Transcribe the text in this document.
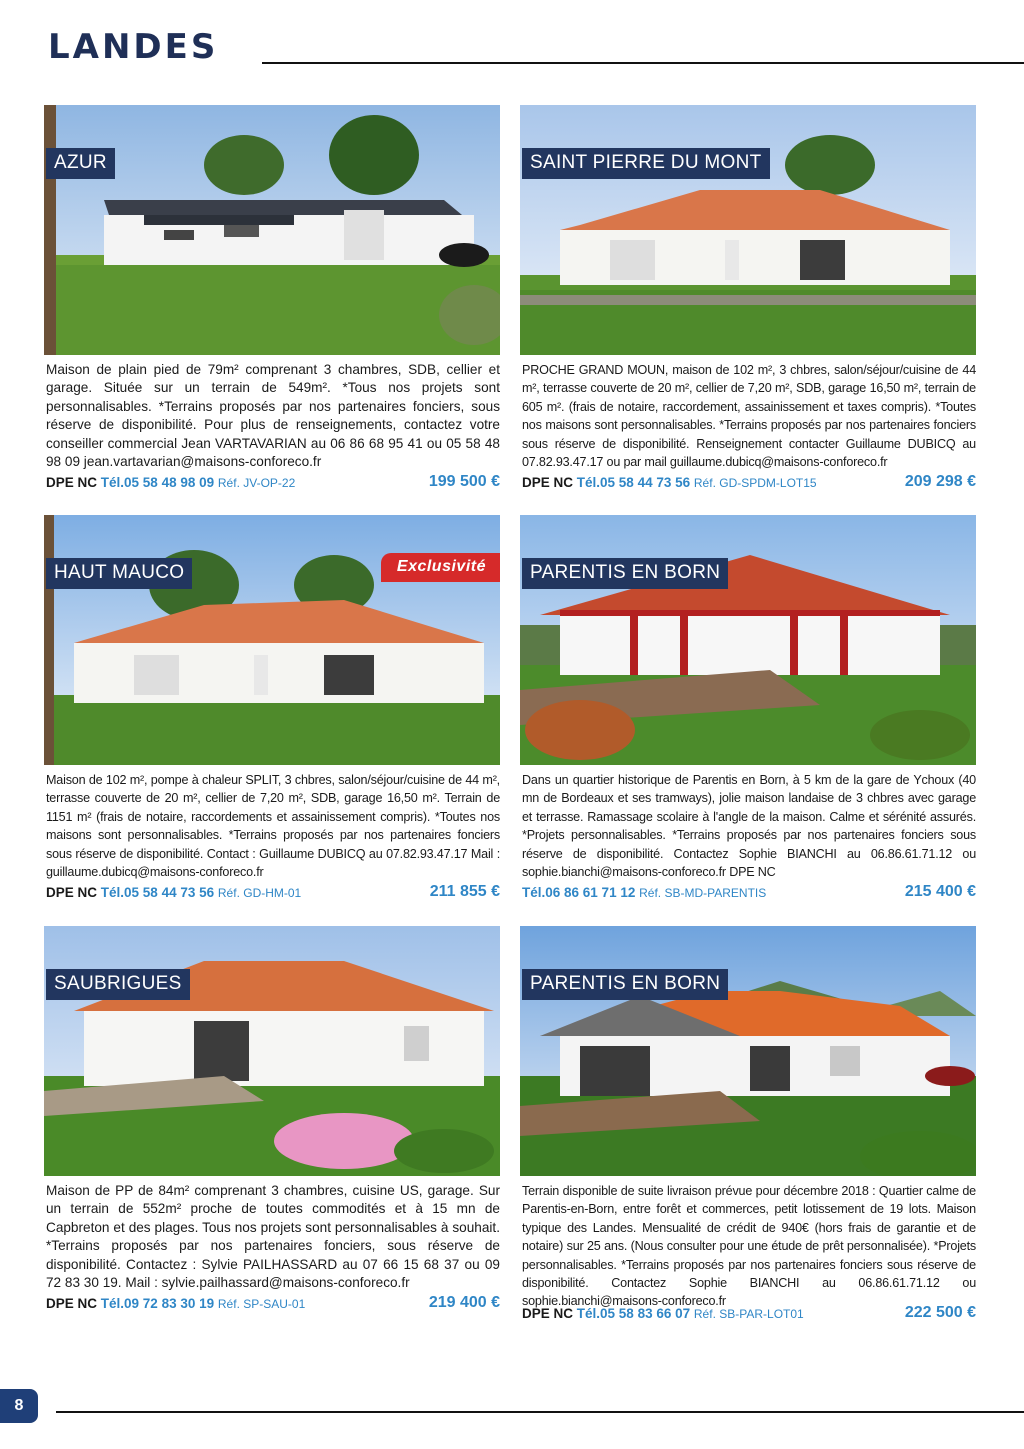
LANDES
AZUR
Maison de plain pied de 79m² comprenant 3 chambres, SDB, cellier et garage. Située sur un terrain de 549m². *Tous nos projets sont personnalisables. *Terrains proposés par nos partenaires fonciers, sous réserve de disponibilité. Pour plus de renseignements, contactez votre conseiller commercial Jean VARTAVARIAN au 06 86 68 95 41 ou 05 58 48 98 09 jean.vartavarian@maisons-conforeco.fr
DPE NC Tél.05 58 48 98 09 Réf. JV-OP-22	199 500 €
SAINT PIERRE DU MONT
PROCHE GRAND MOUN, maison de 102 m², 3 chbres, salon/séjour/cuisine de 44 m², terrasse couverte de 20 m², cellier de 7,20 m², SDB, garage 16,50 m², terrain de 605 m². (frais de notaire, raccordement, assainissement et taxes compris). *Toutes nos maisons sont personnalisables. *Terrains proposés par nos partenaires fonciers sous réserve de disponibilité. Renseignement contacter Guillaume DUBICQ au 07.82.93.47.17 ou par mail guillaume.dubicq@maisons-conforeco.fr
DPE NC Tél.05 58 44 73 56 Réf. GD-SPDM-LOT15	209 298 €
HAUT MAUCO	Exclusivité
Maison de 102 m², pompe à chaleur SPLIT, 3 chbres, salon/séjour/cuisine de 44 m², terrasse couverte de 20 m², cellier de 7,20 m², SDB, garage 16,50 m². Terrain de 1151 m² (frais de notaire, raccordements et assainissement compris). *Toutes nos maisons sont personnalisables. *Terrains proposés par nos partenaires fonciers sous réserve de disponibilité. Contact : Guillaume DUBICQ au 07.82.93.47.17 Mail : guillaume.dubicq@maisons-conforeco.fr
DPE NC Tél.05 58 44 73 56 Réf. GD-HM-01	211 855 €
PARENTIS EN BORN
Dans un quartier historique de Parentis en Born, à 5 km de la gare de Ychoux (40 mn de Bordeaux et ses tramways), jolie maison landaise de 3 chbres avec garage et terrasse. Ramassage scolaire à l'angle de la maison. Calme et sérénité assurés. *Projets personnalisables. *Terrains proposés par nos partenaires fonciers sous réserve de disponibilité. Contactez Sophie BIANCHI au 06.86.61.71.12 ou sophie.bianchi@maisons-conforeco.fr DPE NC
Tél.06 86 61 71 12 Réf. SB-MD-PARENTIS	215 400 €
SAUBRIGUES
Maison de PP de 84m² comprenant 3 chambres, cuisine US, garage. Sur un terrain de 552m² proche de toutes commodités et à 15 mn de Capbreton et des plages. Tous nos projets sont personnalisables à souhait. *Terrains proposés par nos partenaires fonciers, sous réserve de disponibilité. Contactez : Sylvie PAILHASSARD au 07 66 15 68 37 ou 09 72 83 30 19. Mail : sylvie.pailhassard@maisons-conforeco.fr
DPE NC Tél.09 72 83 30 19 Réf. SP-SAU-01	219 400 €
PARENTIS EN BORN
Terrain disponible de suite livraison prévue pour décembre 2018 : Quartier calme de Parentis-en-Born, entre forêt et commerces, petit lotissement de 19 lots. Maison typique des Landes. Mensualité de crédit de 940€ (hors frais de garantie et de notaire) sur 25 ans. (Nous consulter pour une étude de prêt personnalisée). *Projets personnalisables. *Terrains proposés par nos partenaires fonciers sous réserve de disponibilité. Contactez Sophie BIANCHI au 06.86.61.71.12 ou sophie.bianchi@maisons-conforeco.fr
DPE NC Tél.05 58 83 66 07 Réf. SB-PAR-LOT01	222 500 €
8
